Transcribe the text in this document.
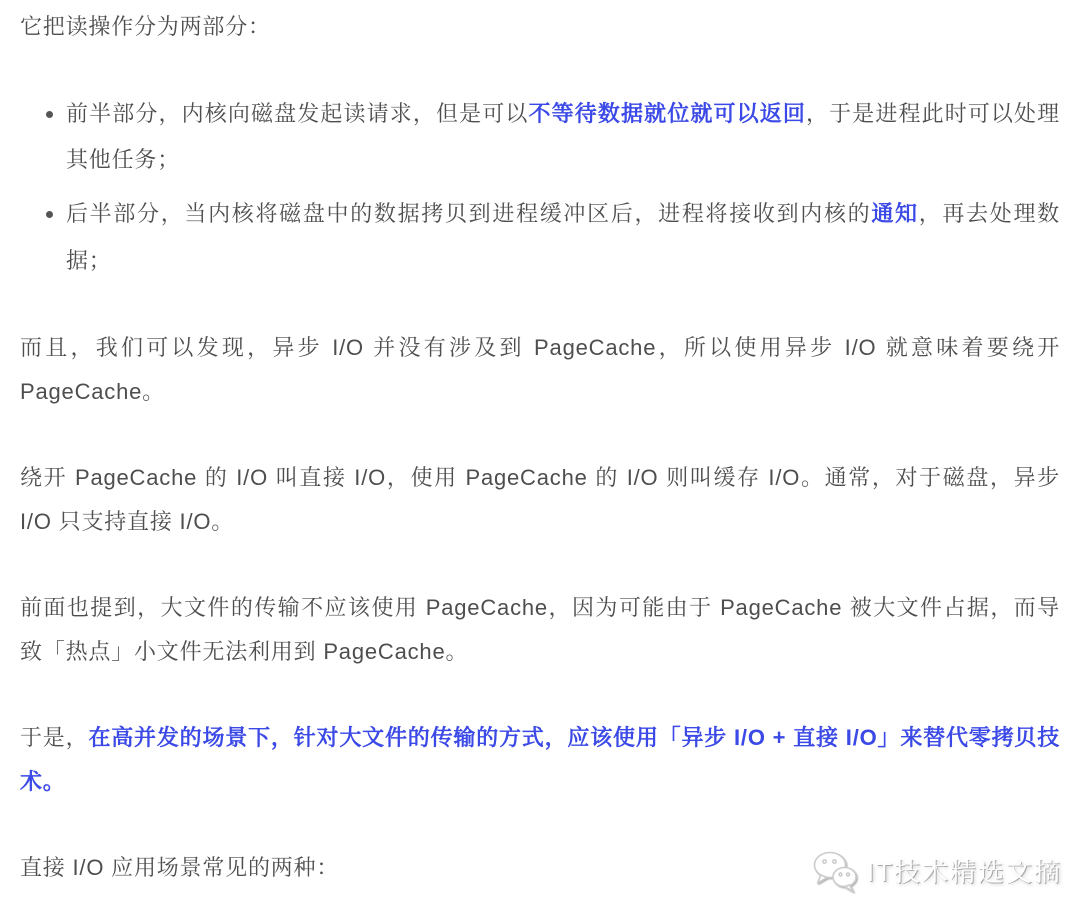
它把读操作分为两部分：

前半部分，内核向磁盘发起读请求，但是可以不等待数据就位就可以返回，于是进程此时可以处理其他任务；
后半部分，当内核将磁盘中的数据拷贝到进程缓冲区后，进程将接收到内核的通知，再去处理数据；

而且，我们可以发现，异步 I/O 并没有涉及到 PageCache，所以使用异步 I/O 就意味着要绕开 PageCache。

绕开 PageCache 的 I/O 叫直接 I/O，使用 PageCache 的 I/O 则叫缓存 I/O。通常，对于磁盘，异步 I/O 只支持直接 I/O。

前面也提到，大文件的传输不应该使用 PageCache，因为可能由于 PageCache 被大文件占据，而导致「热点」小文件无法利用到 PageCache。

于是，在高并发的场景下，针对大文件的传输的方式，应该使用「异步 I/O + 直接 I/O」来替代零拷贝技术。

直接 I/O 应用场景常见的两种：	IT技术精选文摘
